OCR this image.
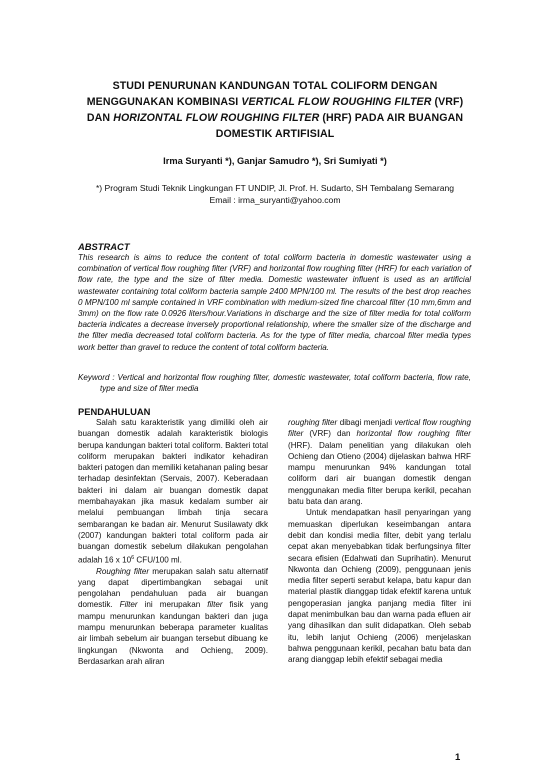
STUDI PENURUNAN KANDUNGAN TOTAL COLIFORM DENGAN
MENGGUNAKAN KOMBINASI VERTICAL FLOW ROUGHING FILTER (VRF)
DAN HORIZONTAL FLOW ROUGHING FILTER (HRF) PADA AIR BUANGAN
DOMESTIK ARTIFISIAL
Irma Suryanti *), Ganjar Samudro *), Sri Sumiyati *)
*) Program Studi Teknik Lingkungan FT UNDIP, Jl. Prof. H. Sudarto, SH Tembalang Semarang
Email : irma_suryanti@yahoo.com
ABSTRACT
This research is aims to reduce the content of total coliform bacteria in domestic wastewater using a combination of vertical flow roughing filter (VRF) and horizontal flow roughing filter (HRF) for each variation of flow rate, the type and the size of filter media. Domestic wastewater influent is used as an artificial wastewater containing total coliform bacteria sample 2400 MPN/100 ml. The results of the best drop reaches 0 MPN/100 ml sample contained in VRF combination with medium-sized fine charcoal filter (10 mm,6mm and 3mm) on the flow rate 0.0926 liters/hour.Variations in discharge and the size of filter media for total coliform bacteria indicates a decrease inversely proportional relationship, where the smaller size of the discharge and the filter media decreased total coliform bacteria. As for the type of filter media, charcoal filter media types work better than gravel to reduce the content of total coliform bacteria.
Keyword : Vertical and horizontal flow roughing filter, domestic wastewater, total coliform bacteria, flow rate, type and size of filter media
PENDAHULUAN

Salah satu karakteristik yang dimiliki oleh air buangan domestik adalah karakteristik biologis berupa kandungan bakteri total coliform. Bakteri total coliform merupakan bakteri indikator kehadiran bakteri patogen dan memiliki ketahanan paling besar terhadap desinfektan (Servais, 2007). Keberadaan bakteri ini dalam air buangan domestik dapat membahayakan jika masuk kedalam sumber air melalui pembuangan limbah tinja secara sembarangan ke badan air. Menurut Susilawaty dkk (2007) kandungan bakteri total coliform pada air buangan domestik sebelum dilakukan pengolahan adalah 16 x $10^6$ CFU/100 ml.

Roughing filter merupakan salah satu alternatif yang dapat dipertimbangkan sebagai unit pengolahan pendahuluan pada air buangan domestik. Filter ini merupakan filter fisik yang mampu menurunkan kandungan bakteri dan juga mampu menurunkan beberapa parameter kualitas air limbah sebelum air buangan tersebut dibuang ke lingkungan (Nkwonta and Ochieng, 2009). Berdasarkan arah aliran

roughing filter dibagi menjadi vertical flow roughing filter (VRF) dan horizontal flow roughing filter (HRF). Dalam penelitian yang dilakukan oleh Ochieng dan Otieno (2004) dijelaskan bahwa HRF mampu menurunkan 94% kandungan total coliform dari air buangan domestik dengan menggunakan media filter berupa kerikil, pecahan batu bata dan arang.

Untuk mendapatkan hasil penyaringan yang memuaskan diperlukan keseimbangan antara debit dan kondisi media filter, debit yang terlalu cepat akan menyebabkan tidak berfungsinya filter secara efisien (Edahwati dan Suprihatin). Menurut Nkwonta dan Ochieng (2009), penggunaan jenis media filter seperti serabut kelapa, batu kapur dan material plastik dianggap tidak efektif karena untuk pengoperasian jangka panjang media filter ini dapat menimbulkan bau dan warna pada efluen air yang dihasilkan dan sulit didapatkan. Oleh sebab itu, lebih lanjut Ochieng (2006) menjelaskan bahwa penggunaan kerikil, pecahan batu bata dan arang dianggap lebih efektif sebagai media

1
